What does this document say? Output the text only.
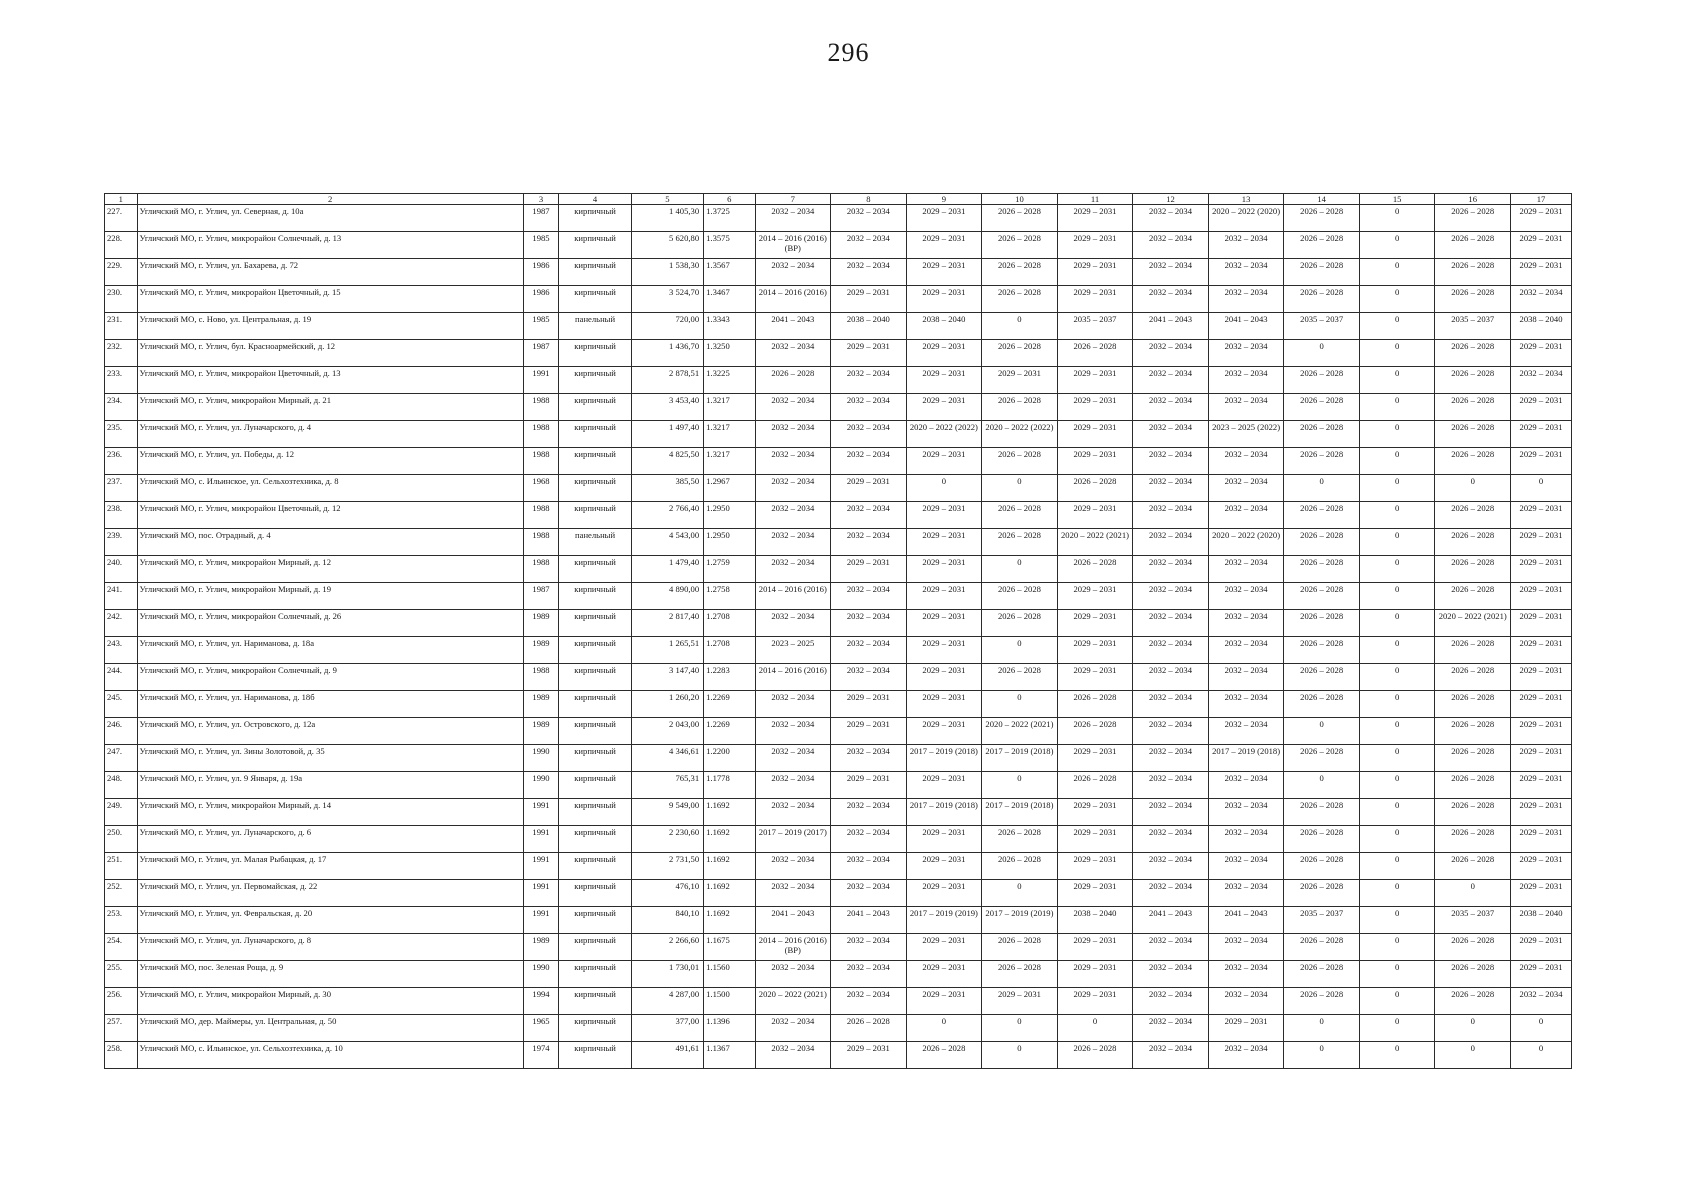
296
1	2	3	4	5	6	7	8	9	10	11	12	13	14	15	16	17
227.	Угличский МО, г. Углич, ул. Северная, д. 10а	1987	кирпичный	1 405,30	1.3725	2032 – 2034	2032 – 2034	2029 – 2031	2026 – 2028	2029 – 2031	2032 – 2034	2020 – 2022 (2020)	2026 – 2028	0	2026 – 2028	2029 – 2031
228.	Угличский МО, г. Углич, микрорайон Солнечный, д. 13	1985	кирпичный	5 620,80	1.3575	2014 – 2016 (2016) (ВР)	2032 – 2034	2029 – 2031	2026 – 2028	2029 – 2031	2032 – 2034	2032 – 2034	2026 – 2028	0	2026 – 2028	2029 – 2031
229.	Угличский МО, г. Углич, ул. Бахарева, д. 72	1986	кирпичный	1 538,30	1.3567	2032 – 2034	2032 – 2034	2029 – 2031	2026 – 2028	2029 – 2031	2032 – 2034	2032 – 2034	2026 – 2028	0	2026 – 2028	2029 – 2031
230.	Угличский МО, г. Углич, микрорайон Цветочный, д. 15	1986	кирпичный	3 524,70	1.3467	2014 – 2016 (2016)	2029 – 2031	2029 – 2031	2026 – 2028	2029 – 2031	2032 – 2034	2032 – 2034	2026 – 2028	0	2026 – 2028	2032 – 2034
231.	Угличский МО, с. Ново, ул. Центральная, д. 19	1985	панельный	720,00	1.3343	2041 – 2043	2038 – 2040	2038 – 2040	0	2035 – 2037	2041 – 2043	2041 – 2043	2035 – 2037	0	2035 – 2037	2038 – 2040
232.	Угличский МО, г. Углич, бул. Красноармейский, д. 12	1987	кирпичный	1 436,70	1.3250	2032 – 2034	2029 – 2031	2029 – 2031	2026 – 2028	2026 – 2028	2032 – 2034	2032 – 2034	0	0	2026 – 2028	2029 – 2031
233.	Угличский МО, г. Углич, микрорайон Цветочный, д. 13	1991	кирпичный	2 878,51	1.3225	2026 – 2028	2032 – 2034	2029 – 2031	2029 – 2031	2029 – 2031	2032 – 2034	2032 – 2034	2026 – 2028	0	2026 – 2028	2032 – 2034
234.	Угличский МО, г. Углич, микрорайон Мирный, д. 21	1988	кирпичный	3 453,40	1.3217	2032 – 2034	2032 – 2034	2029 – 2031	2026 – 2028	2029 – 2031	2032 – 2034	2032 – 2034	2026 – 2028	0	2026 – 2028	2029 – 2031
235.	Угличский МО, г. Углич, ул. Луначарского, д. 4	1988	кирпичный	1 497,40	1.3217	2032 – 2034	2032 – 2034	2020 – 2022 (2022)	2020 – 2022 (2022)	2029 – 2031	2032 – 2034	2023 – 2025 (2022)	2026 – 2028	0	2026 – 2028	2029 – 2031
236.	Угличский МО, г. Углич, ул. Победы, д. 12	1988	кирпичный	4 825,50	1.3217	2032 – 2034	2032 – 2034	2029 – 2031	2026 – 2028	2029 – 2031	2032 – 2034	2032 – 2034	2026 – 2028	0	2026 – 2028	2029 – 2031
237.	Угличский МО, с. Ильинское, ул. Сельхозтехника, д. 8	1968	кирпичный	385,50	1.2967	2032 – 2034	2029 – 2031	0	0	2026 – 2028	2032 – 2034	2032 – 2034	0	0	0	0
238.	Угличский МО, г. Углич, микрорайон Цветочный, д. 12	1988	кирпичный	2 766,40	1.2950	2032 – 2034	2032 – 2034	2029 – 2031	2026 – 2028	2029 – 2031	2032 – 2034	2032 – 2034	2026 – 2028	0	2026 – 2028	2029 – 2031
239.	Угличский МО, пос. Отрадный, д. 4	1988	панельный	4 543,00	1.2950	2032 – 2034	2032 – 2034	2029 – 2031	2026 – 2028	2020 – 2022 (2021)	2032 – 2034	2020 – 2022 (2020)	2026 – 2028	0	2026 – 2028	2029 – 2031
240.	Угличский МО, г. Углич, микрорайон Мирный, д. 12	1988	кирпичный	1 479,40	1.2759	2032 – 2034	2029 – 2031	2029 – 2031	0	2026 – 2028	2032 – 2034	2032 – 2034	2026 – 2028	0	2026 – 2028	2029 – 2031
241.	Угличский МО, г. Углич, микрорайон Мирный, д. 19	1987	кирпичный	4 890,00	1.2758	2014 – 2016 (2016)	2032 – 2034	2029 – 2031	2026 – 2028	2029 – 2031	2032 – 2034	2032 – 2034	2026 – 2028	0	2026 – 2028	2029 – 2031
242.	Угличский МО, г. Углич, микрорайон Солнечный, д. 26	1989	кирпичный	2 817,40	1.2708	2032 – 2034	2032 – 2034	2029 – 2031	2026 – 2028	2029 – 2031	2032 – 2034	2032 – 2034	2026 – 2028	0	2020 – 2022 (2021)	2029 – 2031
243.	Угличский МО, г. Углич, ул. Нариманова, д. 18а	1989	кирпичный	1 265,51	1.2708	2023 – 2025	2032 – 2034	2029 – 2031	0	2029 – 2031	2032 – 2034	2032 – 2034	2026 – 2028	0	2026 – 2028	2029 – 2031
244.	Угличский МО, г. Углич, микрорайон Солнечный, д. 9	1988	кирпичный	3 147,40	1.2283	2014 – 2016 (2016)	2032 – 2034	2029 – 2031	2026 – 2028	2029 – 2031	2032 – 2034	2032 – 2034	2026 – 2028	0	2026 – 2028	2029 – 2031
245.	Угличский МО, г. Углич, ул. Нариманова, д. 18б	1989	кирпичный	1 260,20	1.2269	2032 – 2034	2029 – 2031	2029 – 2031	0	2026 – 2028	2032 – 2034	2032 – 2034	2026 – 2028	0	2026 – 2028	2029 – 2031
246.	Угличский МО, г. Углич, ул. Островского, д. 12а	1989	кирпичный	2 043,00	1.2269	2032 – 2034	2029 – 2031	2029 – 2031	2020 – 2022 (2021)	2026 – 2028	2032 – 2034	2032 – 2034	0	0	2026 – 2028	2029 – 2031
247.	Угличский МО, г. Углич, ул. Зины Золотовой, д. 35	1990	кирпичный	4 346,61	1.2200	2032 – 2034	2032 – 2034	2017 – 2019 (2018)	2017 – 2019 (2018)	2029 – 2031	2032 – 2034	2017 – 2019 (2018)	2026 – 2028	0	2026 – 2028	2029 – 2031
248.	Угличский МО, г. Углич, ул. 9 Января, д. 19а	1990	кирпичный	765,31	1.1778	2032 – 2034	2029 – 2031	2029 – 2031	0	2026 – 2028	2032 – 2034	2032 – 2034	0	0	2026 – 2028	2029 – 2031
249.	Угличский МО, г. Углич, микрорайон Мирный, д. 14	1991	кирпичный	9 549,00	1.1692	2032 – 2034	2032 – 2034	2017 – 2019 (2018)	2017 – 2019 (2018)	2029 – 2031	2032 – 2034	2032 – 2034	2026 – 2028	0	2026 – 2028	2029 – 2031
250.	Угличский МО, г. Углич, ул. Луначарского, д. 6	1991	кирпичный	2 230,60	1.1692	2017 – 2019 (2017)	2032 – 2034	2029 – 2031	2026 – 2028	2029 – 2031	2032 – 2034	2032 – 2034	2026 – 2028	0	2026 – 2028	2029 – 2031
251.	Угличский МО, г. Углич, ул. Малая Рыбацкая, д. 17	1991	кирпичный	2 731,50	1.1692	2032 – 2034	2032 – 2034	2029 – 2031	2026 – 2028	2029 – 2031	2032 – 2034	2032 – 2034	2026 – 2028	0	2026 – 2028	2029 – 2031
252.	Угличский МО, г. Углич, ул. Первомайская, д. 22	1991	кирпичный	476,10	1.1692	2032 – 2034	2032 – 2034	2029 – 2031	0	2029 – 2031	2032 – 2034	2032 – 2034	2026 – 2028	0	0	2029 – 2031
253.	Угличский МО, г. Углич, ул. Февральская, д. 20	1991	кирпичный	840,10	1.1692	2041 – 2043	2041 – 2043	2017 – 2019 (2019)	2017 – 2019 (2019)	2038 – 2040	2041 – 2043	2041 – 2043	2035 – 2037	0	2035 – 2037	2038 – 2040
254.	Угличский МО, г. Углич, ул. Луначарского, д. 8	1989	кирпичный	2 266,60	1.1675	2014 – 2016 (2016) (ВР)	2032 – 2034	2029 – 2031	2026 – 2028	2029 – 2031	2032 – 2034	2032 – 2034	2026 – 2028	0	2026 – 2028	2029 – 2031
255.	Угличский МО, пос. Зеленая Роща, д. 9	1990	кирпичный	1 730,01	1.1560	2032 – 2034	2032 – 2034	2029 – 2031	2026 – 2028	2029 – 2031	2032 – 2034	2032 – 2034	2026 – 2028	0	2026 – 2028	2029 – 2031
256.	Угличский МО, г. Углич, микрорайон Мирный, д. 30	1994	кирпичный	4 287,00	1.1500	2020 – 2022 (2021)	2032 – 2034	2029 – 2031	2029 – 2031	2029 – 2031	2032 – 2034	2032 – 2034	2026 – 2028	0	2026 – 2028	2032 – 2034
257.	Угличский МО, дер. Маймеры, ул. Центральная, д. 50	1965	кирпичный	377,00	1.1396	2032 – 2034	2026 – 2028	0	0	0	2032 – 2034	2029 – 2031	0	0	0	0
258.	Угличский МО, с. Ильинское, ул. Сельхозтехника, д. 10	1974	кирпичный	491,61	1.1367	2032 – 2034	2029 – 2031	2026 – 2028	0	2026 – 2028	2032 – 2034	2032 – 2034	0	0	0	0
